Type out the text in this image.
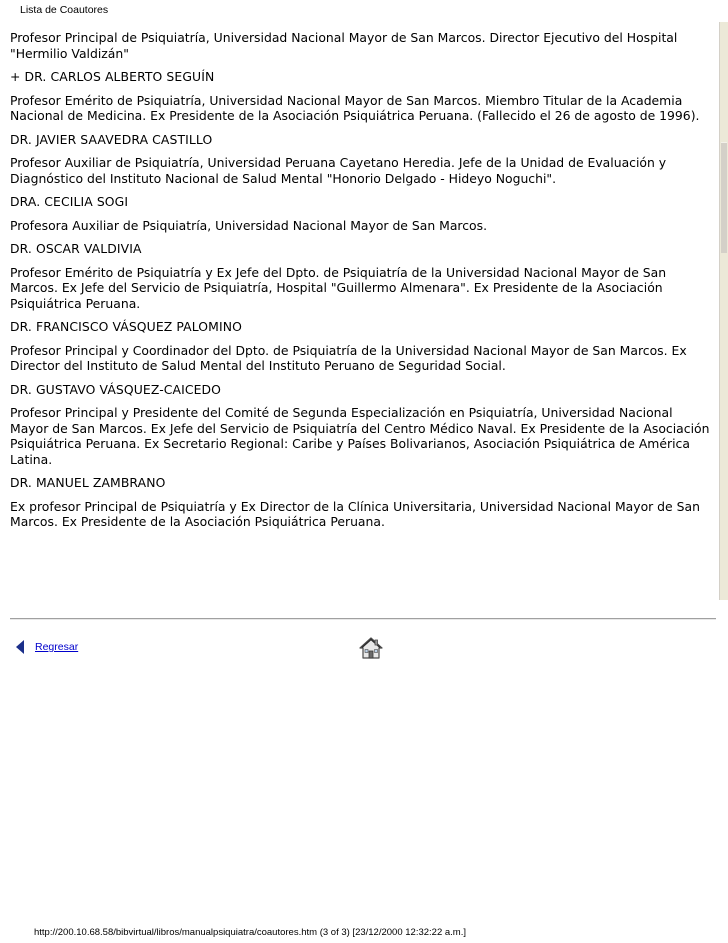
Lista de Coautores

Profesor Principal de Psiquiatría, Universidad Nacional Mayor de San Marcos. Director Ejecutivo del Hospital "Hermilio Valdizán"

+ DR. CARLOS ALBERTO SEGUÍN

Profesor Emérito de Psiquiatría, Universidad Nacional Mayor de San Marcos. Miembro Titular de la Academia Nacional de Medicina. Ex Presidente de la Asociación Psiquiátrica Peruana. (Fallecido el 26 de agosto de 1996).

DR. JAVIER SAAVEDRA CASTILLO

Profesor Auxiliar de Psiquiatría, Universidad Peruana Cayetano Heredia. Jefe de la Unidad de Evaluación y Diagnóstico del Instituto Nacional de Salud Mental "Honorio Delgado - Hideyo Noguchi".

DRA. CECILIA SOGI

Profesora Auxiliar de Psiquiatría, Universidad Nacional Mayor de San Marcos.

DR. OSCAR VALDIVIA

Profesor Emérito de Psiquiatría y Ex Jefe del Dpto. de Psiquiatría de la Universidad Nacional Mayor de San Marcos. Ex Jefe del Servicio de Psiquiatría, Hospital "Guillermo Almenara". Ex Presidente de la Asociación Psiquiátrica Peruana.

DR. FRANCISCO VÁSQUEZ PALOMINO

Profesor Principal y Coordinador del Dpto. de Psiquiatría de la Universidad Nacional Mayor de San Marcos. Ex Director del Instituto de Salud Mental del Instituto Peruano de Seguridad Social.

DR. GUSTAVO VÁSQUEZ-CAICEDO

Profesor Principal y Presidente del Comité de Segunda Especialización en Psiquiatría, Universidad Nacional Mayor de San Marcos. Ex Jefe del Servicio de Psiquiatría del Centro Médico Naval. Ex Presidente de la Asociación Psiquiátrica Peruana. Ex Secretario Regional: Caribe y Países Bolivarianos, Asociación Psiquiátrica de América Latina.

DR. MANUEL ZAMBRANO

Ex profesor Principal de Psiquiatría y Ex Director de la Clínica Universitaria, Universidad Nacional Mayor de San Marcos. Ex Presidente de la Asociación Psiquiátrica Peruana.

Regresar
http://200.10.68.58/bibvirtual/libros/manualpsiquiatra/coautores.htm (3 of 3) [23/12/2000 12:32:22 a.m.]
